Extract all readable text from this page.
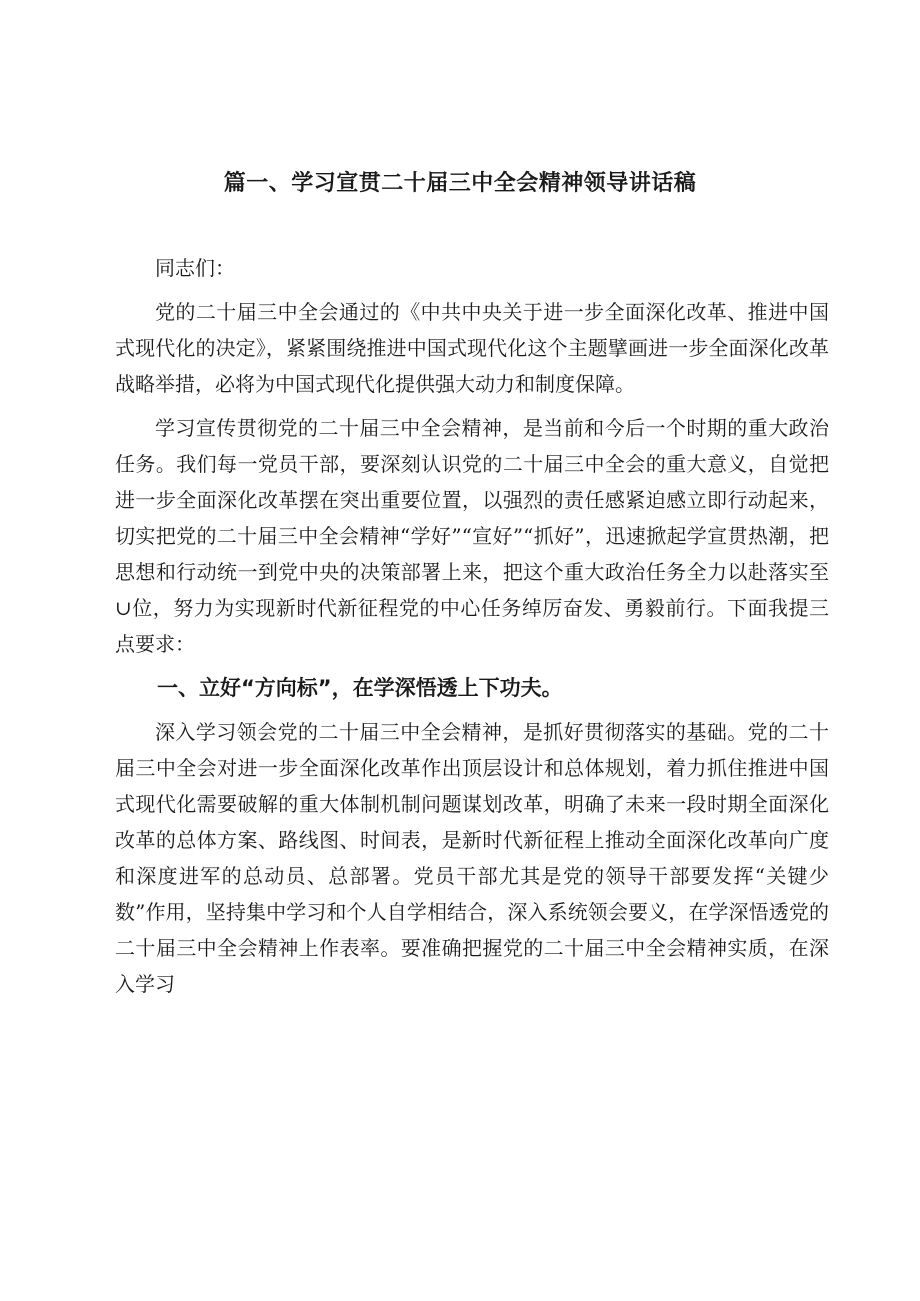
篇一、学习宣贯二十届三中全会精神领导讲话稿

同志们：

党的二十届三中全会通过的《中共中央关于进一步全面深化改革、推进中国式现代化的决定》，紧紧围绕推进中国式现代化这个主题擘画进一步全面深化改革战略举措，必将为中国式现代化提供强大动力和制度保障。

学习宣传贯彻党的二十届三中全会精神，是当前和今后一个时期的重大政治任务。我们每一党员干部，要深刻认识党的二十届三中全会的重大意义，自觉把进一步全面深化改革摆在突出重要位置，以强烈的责任感紧迫感立即行动起来，切实把党的二十届三中全会精神“学好”“宣好”“抓好”，迅速掀起学宣贯热潮，把思想和行动统一到党中央的决策部署上来，把这个重大政治任务全力以赴落实至∪位，努力为实现新时代新征程党的中心任务绰厉奋发、勇毅前行。下面我提三点要求：

一、立好“方向标”，在学深悟透上下功夫。

深入学习领会党的二十届三中全会精神，是抓好贯彻落实的基础。党的二十届三中全会对进一步全面深化改革作出顶层设计和总体规划，着力抓住推进中国式现代化需要破解的重大体制机制问题谋划改革，明确了未来一段时期全面深化改革的总体方案、路线图、时间表，是新时代新征程上推动全面深化改革向广度和深度进军的总动员、总部署。党员干部尤其是党的领导干部要发挥“关键少数”作用，坚持集中学习和个人自学相结合，深入系统领会要义，在学深悟透党的二十届三中全会精神上作表率。要准确把握党的二十届三中全会精神实质，在深入学习
